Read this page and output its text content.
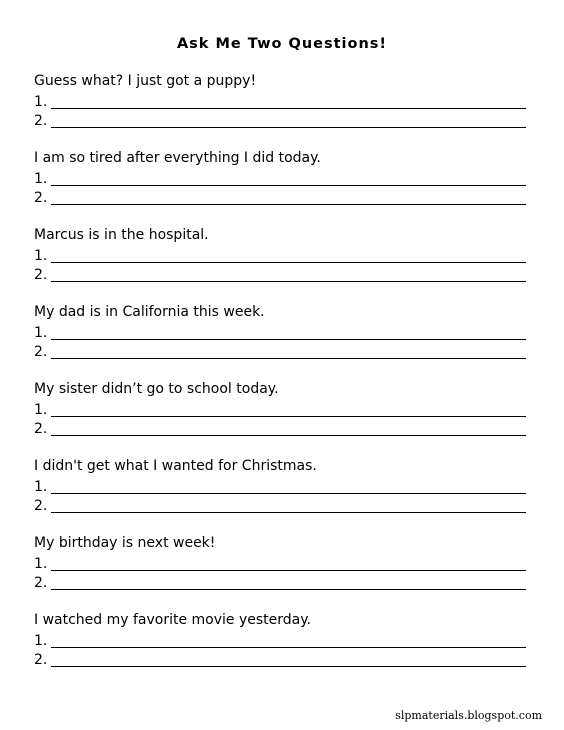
Ask Me Two Questions!
Guess what? I just got a puppy!
1.
2.
I am so tired after everything I did today.
1.
2.
Marcus is in the hospital.
1.
2.
My dad is in California this week.
1.
2.
My sister didn’t go to school today.
1.
2.
I didn't get what I wanted for Christmas.
1.
2.
My birthday is next week!
1.
2.
I watched my favorite movie yesterday.
1.
2.
slpmaterials.blogspot.com
